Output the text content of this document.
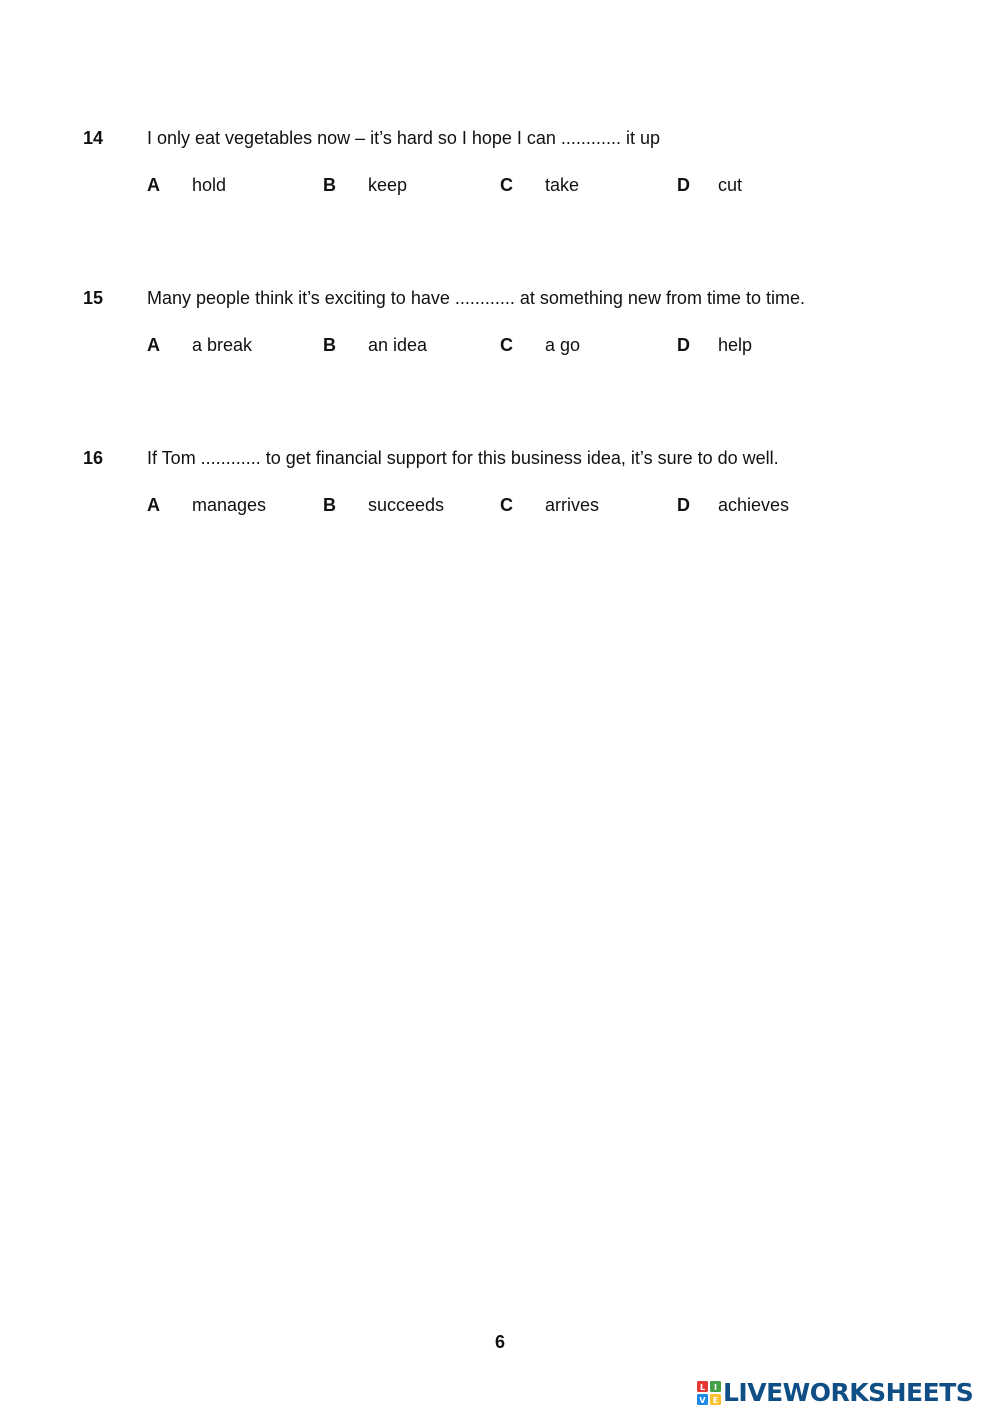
14 I only eat vegetables now – it’s hard so I hope I can ............ it up
A hold	B keep	C take	D cut
15 Many people think it’s exciting to have ............ at something new from time to time.
A a break	B an idea	C a go	D help
16 If Tom ............ to get financial support for this business idea, it’s sure to do well.
A manages	B succeeds	C arrives	D achieves
6
L I
V E LIVEWORKSHEETS
